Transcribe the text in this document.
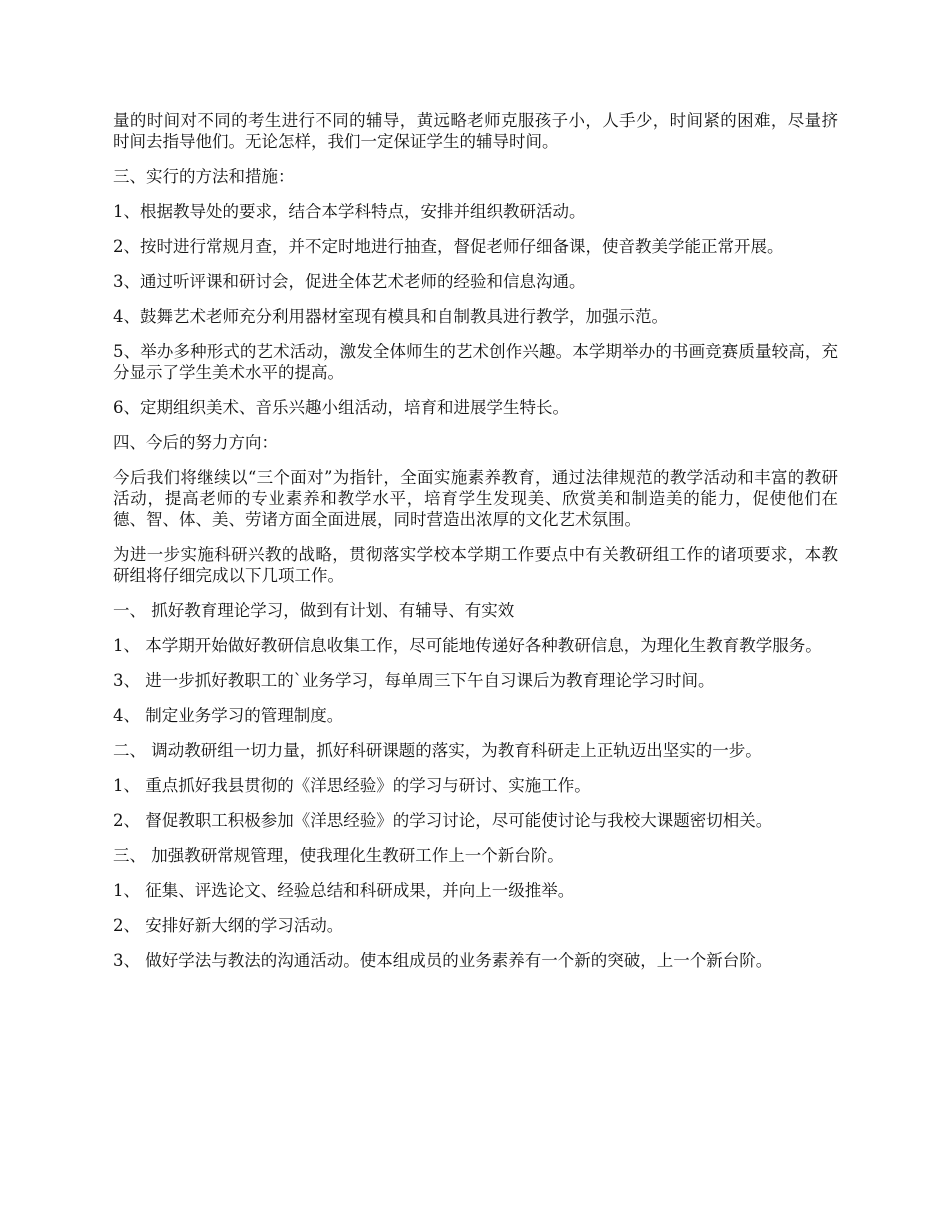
量的时间对不同的考生进行不同的辅导，黄远略老师克服孩子小，人手少，时间紧的困难，尽量挤时间去指导他们。无论怎样，我们一定保证学生的辅导时间。

三、实行的方法和措施：

1、根据教导处的要求，结合本学科特点，安排并组织教研活动。

2、按时进行常规月查，并不定时地进行抽查，督促老师仔细备课，使音教美学能正常开展。

3、通过听评课和研讨会，促进全体艺术老师的经验和信息沟通。

4、鼓舞艺术老师充分利用器材室现有模具和自制教具进行教学，加强示范。

5、举办多种形式的艺术活动，激发全体师生的艺术创作兴趣。本学期举办的书画竞赛质量较高，充分显示了学生美术水平的提高。

6、定期组织美术、音乐兴趣小组活动，培育和进展学生特长。

四、今后的努力方向：

今后我们将继续以“三个面对”为指针，全面实施素养教育，通过法律规范的教学活动和丰富的教研活动，提高老师的专业素养和教学水平，培育学生发现美、欣赏美和制造美的能力，促使他们在德、智、体、美、劳诸方面全面进展，同时营造出浓厚的文化艺术氛围。

为进一步实施科研兴教的战略，贯彻落实学校本学期工作要点中有关教研组工作的诸项要求，本教研组将仔细完成以下几项工作。

一、 抓好教育理论学习，做到有计划、有辅导、有实效

1、 本学期开始做好教研信息收集工作，尽可能地传递好各种教研信息，为理化生教育教学服务。

3、 进一步抓好教职工的`业务学习，每单周三下午自习课后为教育理论学习时间。

4、 制定业务学习的管理制度。

二、 调动教研组一切力量，抓好科研课题的落实，为教育科研走上正轨迈出坚实的一步。

1、 重点抓好我县贯彻的《洋思经验》的学习与研讨、实施工作。

2、 督促教职工积极参加《洋思经验》的学习讨论，尽可能使讨论与我校大课题密切相关。

三、 加强教研常规管理，使我理化生教研工作上一个新台阶。

1、 征集、评选论文、经验总结和科研成果，并向上一级推举。

2、 安排好新大纲的学习活动。

3、 做好学法与教法的沟通活动。使本组成员的业务素养有一个新的突破，上一个新台阶。
